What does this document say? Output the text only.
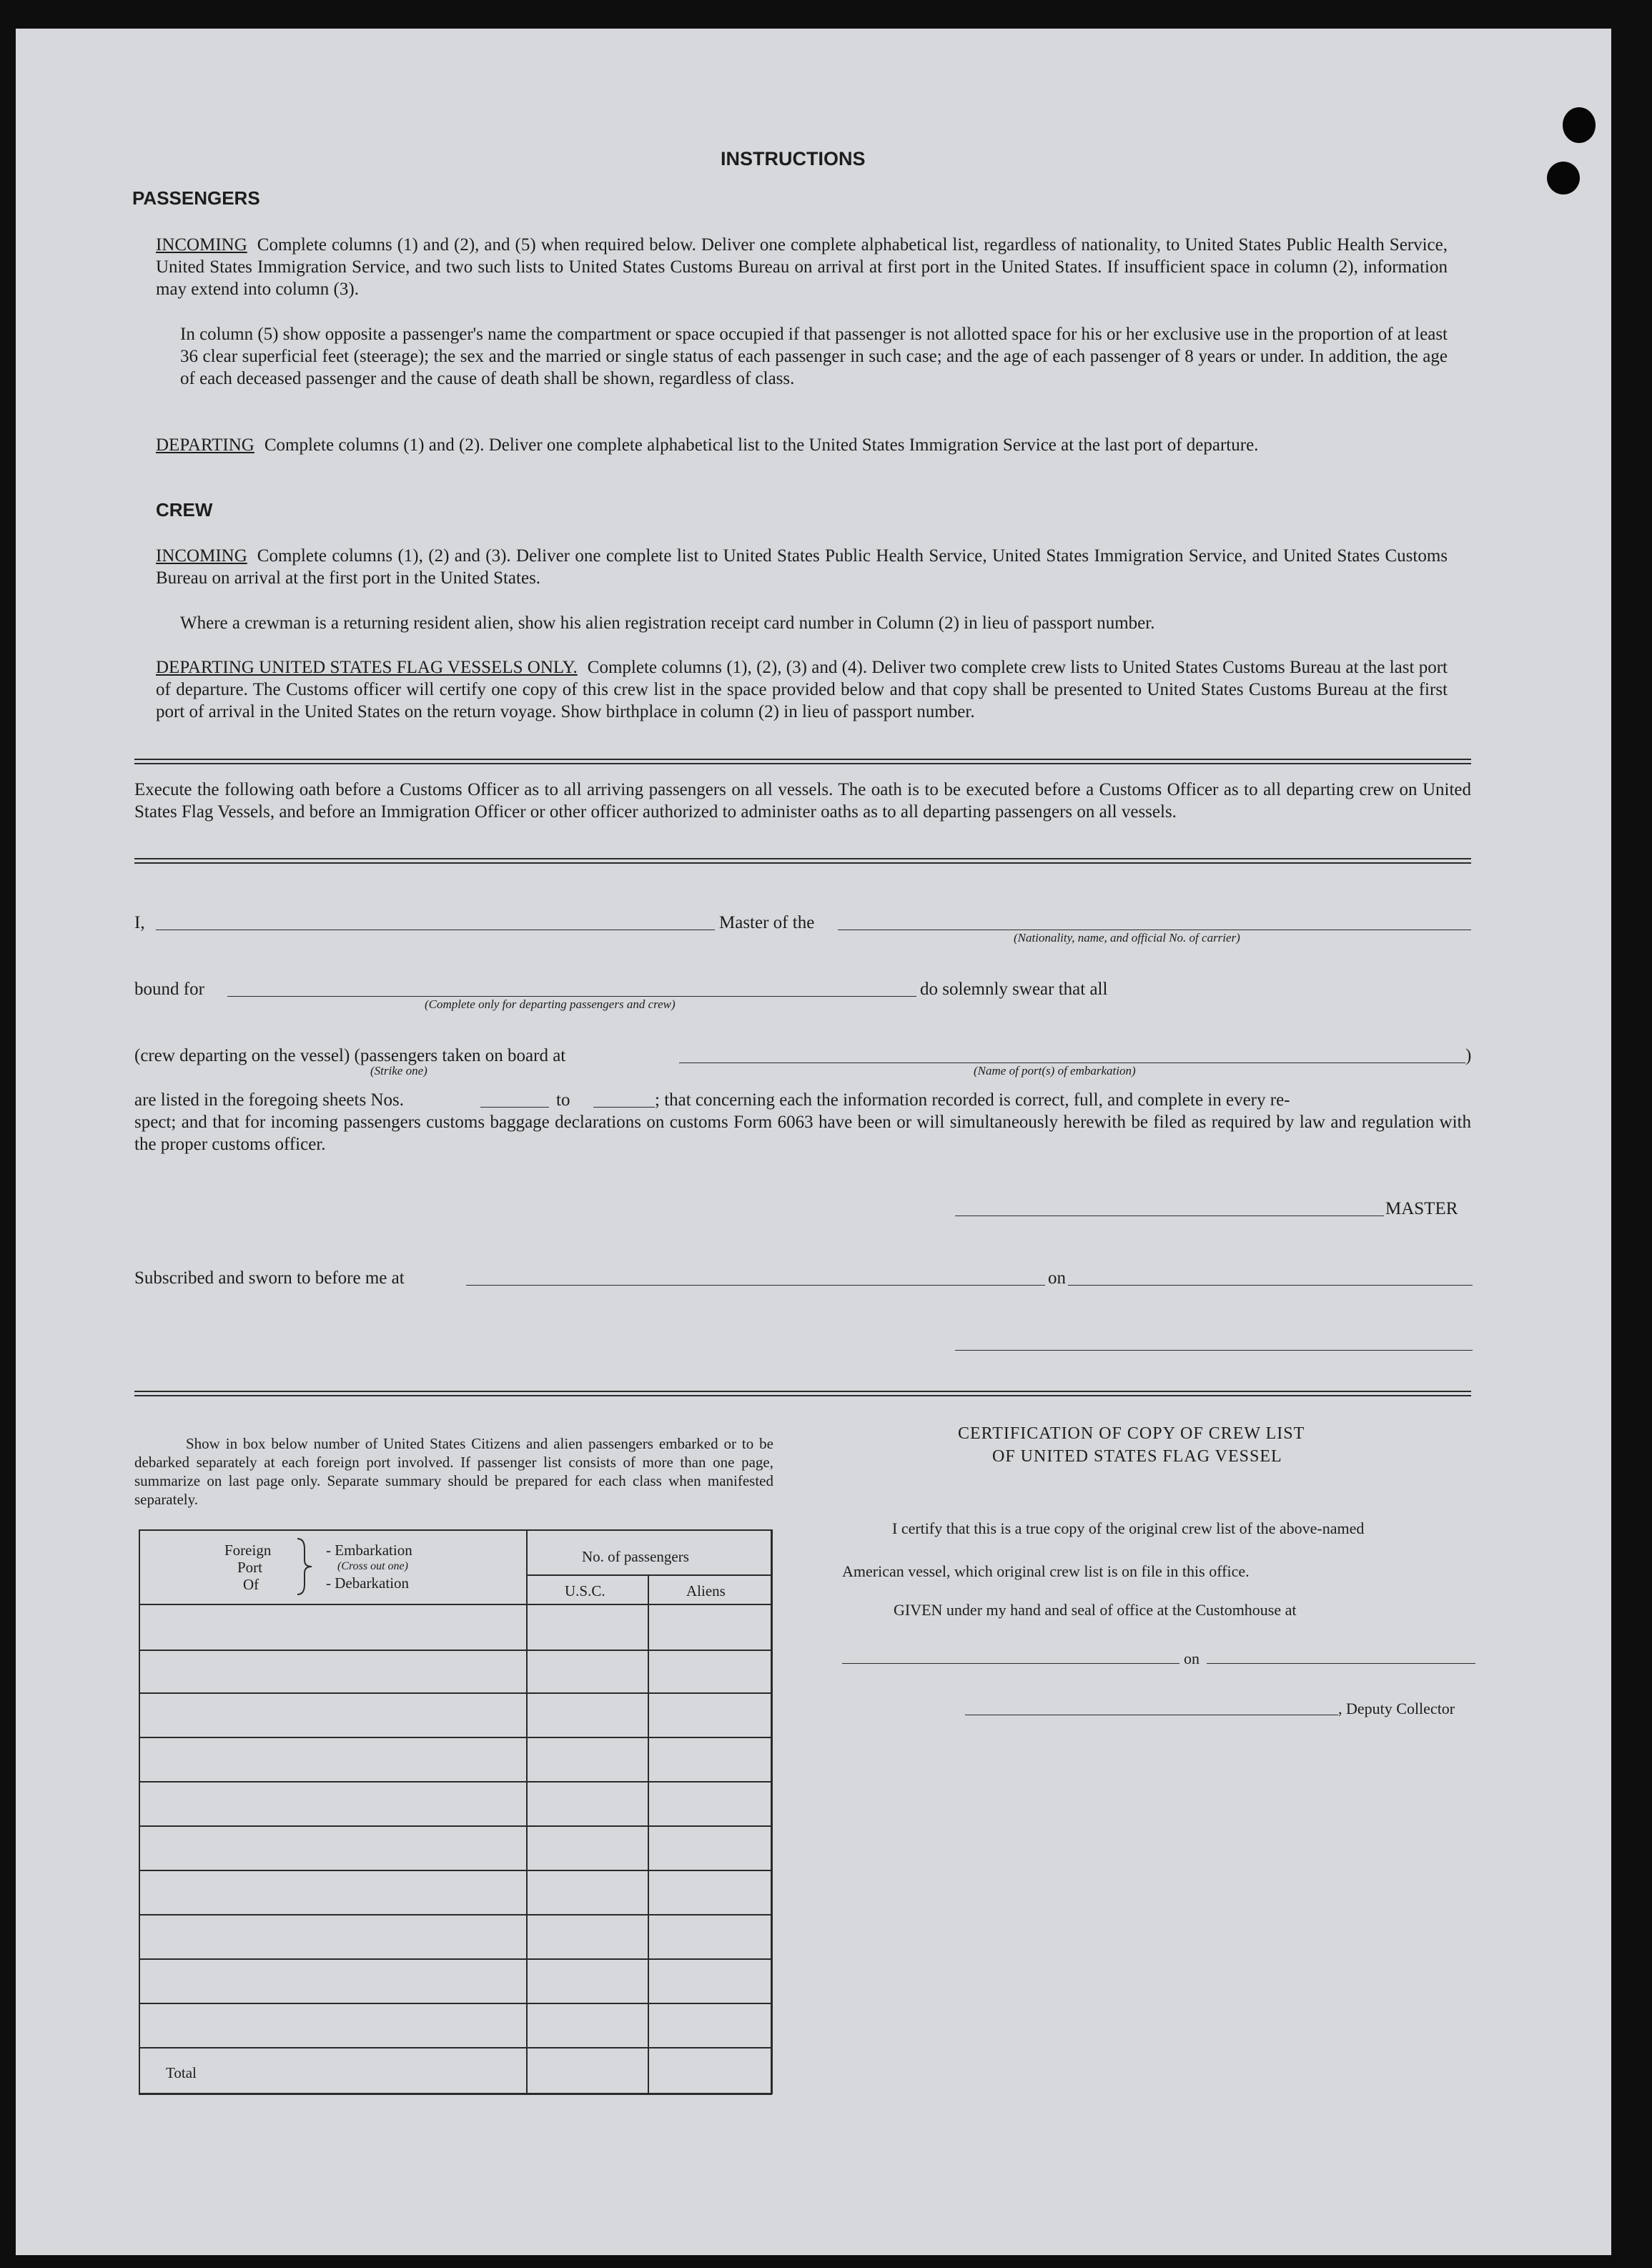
INSTRUCTIONS
PASSENGERS
INCOMING Complete columns (1) and (2), and (5) when required below. Deliver one complete alphabetical list, regardless of nationality, to United States Public Health Service, United States Immigration Service, and two such lists to United States Customs Bureau on arrival at first port in the United States. If insufficient space in column (2), information may extend into column (3).
In column (5) show opposite a passenger's name the compartment or space occupied if that passenger is not allotted space for his or her exclusive use in the proportion of at least 36 clear superficial feet (steerage); the sex and the married or single status of each passenger in such case; and the age of each passenger of 8 years or under. In addition, the age of each deceased passenger and the cause of death shall be shown, regardless of class.
DEPARTING Complete columns (1) and (2). Deliver one complete alphabetical list to the United States Immigration Service at the last port of departure.
CREW
INCOMING Complete columns (1), (2) and (3). Deliver one complete list to United States Public Health Service, United States Immigration Service, and United States Customs Bureau on arrival at the first port in the United States.
Where a crewman is a returning resident alien, show his alien registration receipt card number in Column (2) in lieu of passport number.
DEPARTING UNITED STATES FLAG VESSELS ONLY. Complete columns (1), (2), (3) and (4). Deliver two complete crew lists to United States Customs Bureau at the last port of departure. The Customs officer will certify one copy of this crew list in the space provided below and that copy shall be presented to United States Customs Bureau at the first port of arrival in the United States on the return voyage. Show birthplace in column (2) in lieu of passport number.
Execute the following oath before a Customs Officer as to all arriving passengers on all vessels. The oath is to be executed before a Customs Officer as to all departing crew on United States Flag Vessels, and before an Immigration Officer or other officer authorized to administer oaths as to all departing passengers on all vessels.
I,	Master of the
(Nationality, name, and official No. of carrier)
bound for
(Complete only for departing passengers and crew)
do solemnly swear that all
(crew departing on the vessel) (passengers taken on board at	)
(Strike one)	(Name of port(s) of embarkation)
are listed in the foregoing sheets Nos.	to	; that concerning each the information recorded is correct, full, and complete in every re-
spect; and that for incoming passengers customs baggage declarations on customs Form 6063 have been or will simultaneously herewith be filed as required by law and regulation with the proper customs officer.
MASTER
Subscribed and sworn to before me at	on
Show in box below number of United States Citizens and alien passengers embarked or to be debarked separately at each foreign port involved. If passenger list consists of more than one page, summarize on last page only. Separate summary should be prepared for each class when manifested separately.
Foreign
Port
Of
- Embarkation
(Cross out one)
- Debarkation
No. of passengers
U.S.C.	Aliens
Total
CERTIFICATION OF COPY OF CREW LIST
OF UNITED STATES FLAG VESSEL
I certify that this is a true copy of the original crew list of the above-named
American vessel, which original crew list is on file in this office.
GIVEN under my hand and seal of office at the Customhouse at
on
, Deputy Collector
